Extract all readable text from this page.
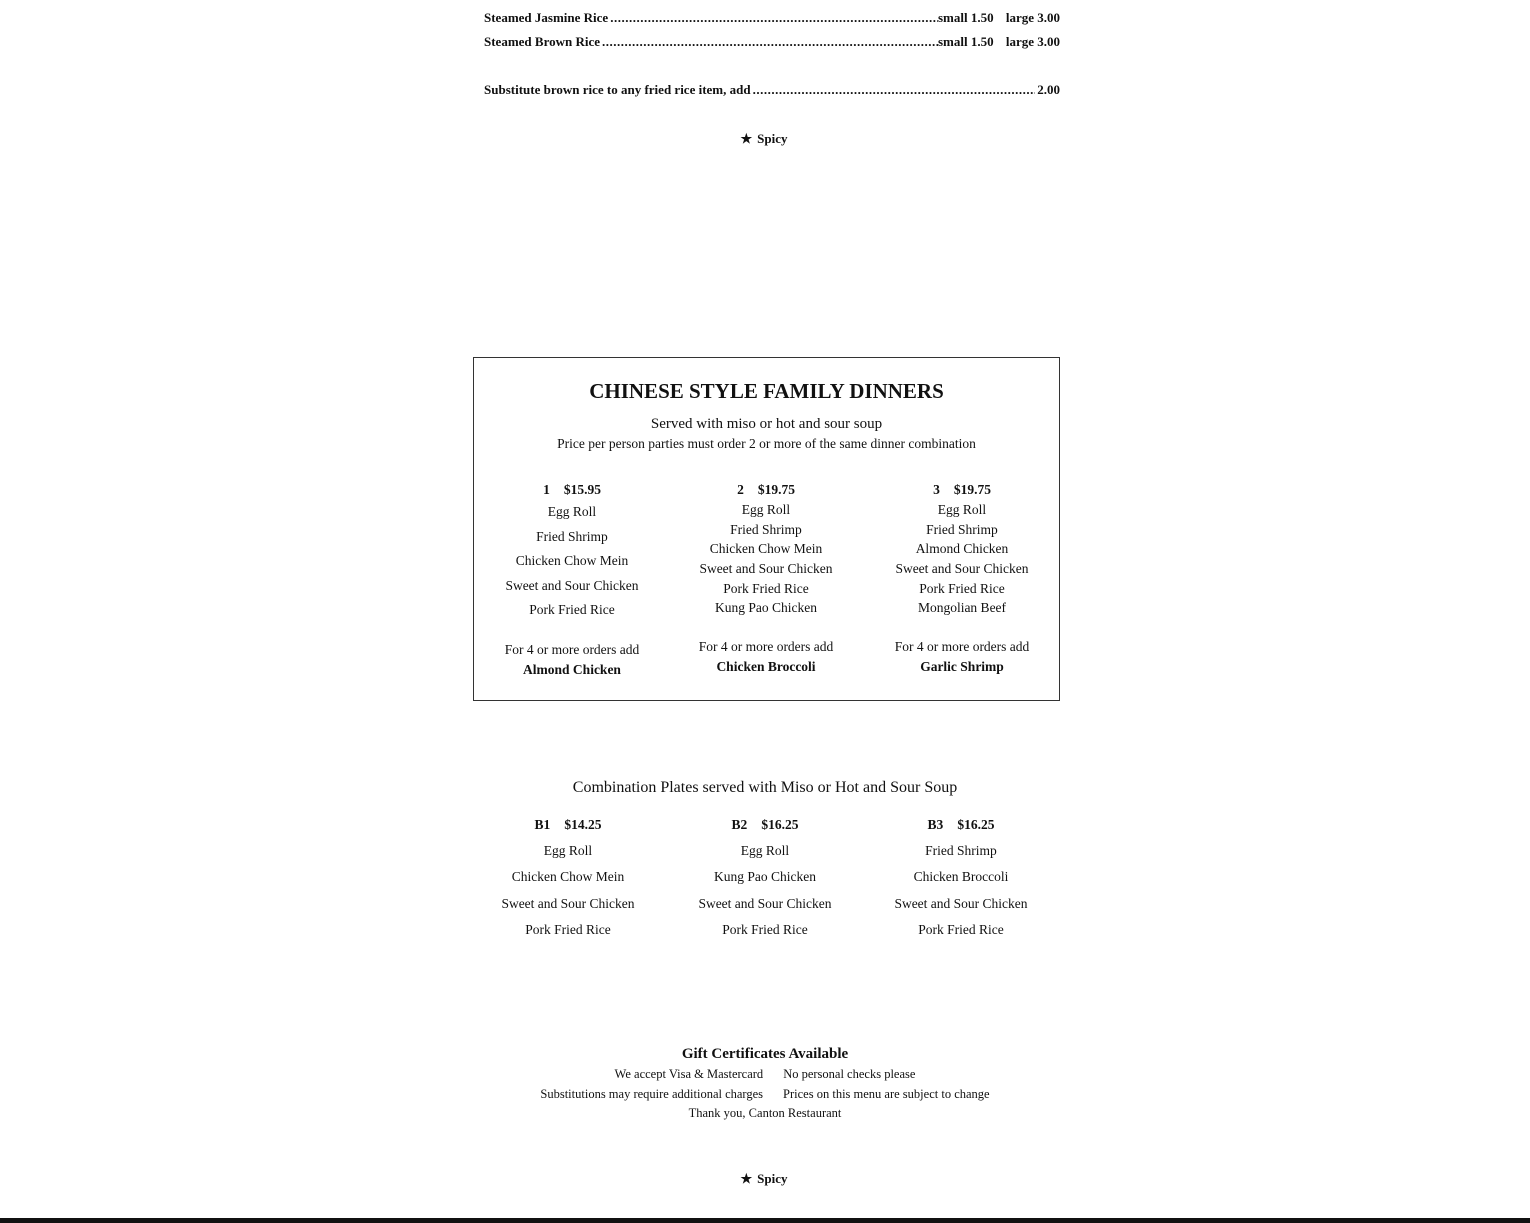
Steamed Jasmine Rice .....	small 1.50 large 3.00
Steamed Brown Rice .....	small 1.50 large 3.00
Substitute brown rice to any fried rice item, add .....	2.00
★ Spicy
CHINESE STYLE FAMILY DINNERS
Served with miso or hot and sour soup
Price per person parties must order 2 or more of the same dinner combination
1 $15.95
Egg Roll
Fried Shrimp
Chicken Chow Mein
Sweet and Sour Chicken
Pork Fried Rice
For 4 or more orders add
Almond Chicken
2 $19.75
Egg Roll
Fried Shrimp
Chicken Chow Mein
Sweet and Sour Chicken
Pork Fried Rice
Kung Pao Chicken
For 4 or more orders add
Chicken Broccoli
3 $19.75
Egg Roll
Fried Shrimp
Almond Chicken
Sweet and Sour Chicken
Pork Fried Rice
Mongolian Beef
For 4 or more orders add
Garlic Shrimp
Combination Plates served with Miso or Hot and Sour Soup
B1 $14.25
Egg Roll
Chicken Chow Mein
Sweet and Sour Chicken
Pork Fried Rice
B2 $16.25
Egg Roll
Kung Pao Chicken
Sweet and Sour Chicken
Pork Fried Rice
B3 $16.25
Fried Shrimp
Chicken Broccoli
Sweet and Sour Chicken
Pork Fried Rice
Gift Certificates Available
We accept Visa & Mastercard No personal checks please
Substitutions may require additional charges Prices on this menu are subject to change
Thank you, Canton Restaurant
★ Spicy
